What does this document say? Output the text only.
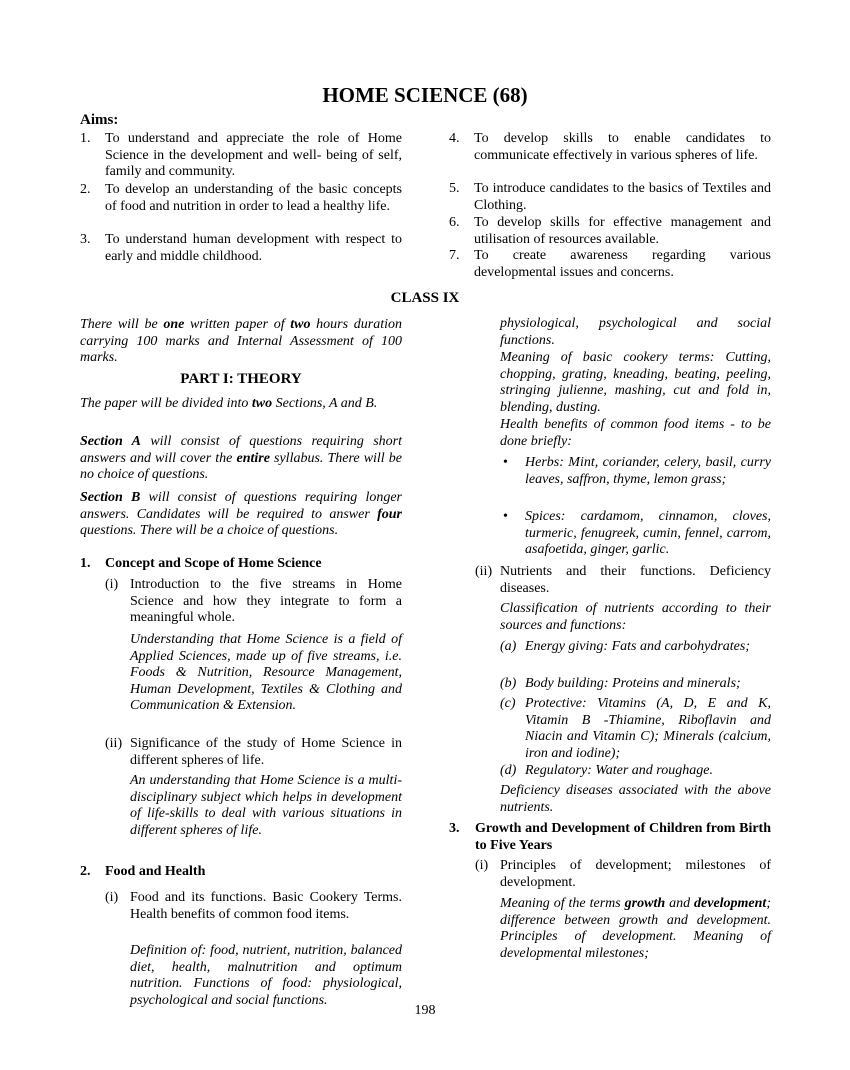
HOME SCIENCE (68)
Aims:
1. To understand and appreciate the role of Home Science in the development and well- being of self, family and community.
2. To develop an understanding of the basic concepts of food and nutrition in order to lead a healthy life.
3. To understand human development with respect to early and middle childhood.
4. To develop skills to enable candidates to communicate effectively in various spheres of life.
5. To introduce candidates to the basics of Textiles and Clothing.
6. To develop skills for effective management and utilisation of resources available.
7. To create awareness regarding various developmental issues and concerns.
CLASS IX
There will be one written paper of two hours duration carrying 100 marks and Internal Assessment of 100 marks.
PART I: THEORY
The paper will be divided into two Sections, A and B.
Section A will consist of questions requiring short answers and will cover the entire syllabus. There will be no choice of questions.
Section B will consist of questions requiring longer answers. Candidates will be required to answer four questions. There will be a choice of questions.
1. Concept and Scope of Home Science
(i) Introduction to the five streams in Home Science and how they integrate to form a meaningful whole.
Understanding that Home Science is a field of Applied Sciences, made up of five streams, i.e. Foods & Nutrition, Resource Management, Human Development, Textiles & Clothing and Communication & Extension.
(ii) Significance of the study of Home Science in different spheres of life.
An understanding that Home Science is a multi-disciplinary subject which helps in development of life-skills to deal with various situations in different spheres of life.
2. Food and Health
(i) Food and its functions. Basic Cookery Terms. Health benefits of common food items.
Definition of: food, nutrient, nutrition, balanced diet, health, malnutrition and optimum nutrition. Functions of food: physiological, psychological and social functions.
physiological, psychological and social functions.
Meaning of basic cookery terms: Cutting, chopping, grating, kneading, beating, peeling, stringing julienne, mashing, cut and fold in, blending, dusting.
Health benefits of common food items - to be done briefly:
• Herbs: Mint, coriander, celery, basil, curry leaves, saffron, thyme, lemon grass;
• Spices: cardamom, cinnamon, cloves, turmeric, fenugreek, cumin, fennel, carrom, asafoetida, ginger, garlic.
(ii) Nutrients and their functions. Deficiency diseases.
Classification of nutrients according to their sources and functions:
(a) Energy giving: Fats and carbohydrates;
(b) Body building: Proteins and minerals;
(c) Protective: Vitamins (A, D, E and K, Vitamin B -Thiamine, Riboflavin and Niacin and Vitamin C); Minerals (calcium, iron and iodine);
(d) Regulatory: Water and roughage.
Deficiency diseases associated with the above nutrients.
3. Growth and Development of Children from Birth to Five Years
(i) Principles of development; milestones of development.
Meaning of the terms growth and development; difference between growth and development. Principles of development. Meaning of developmental milestones;
198
